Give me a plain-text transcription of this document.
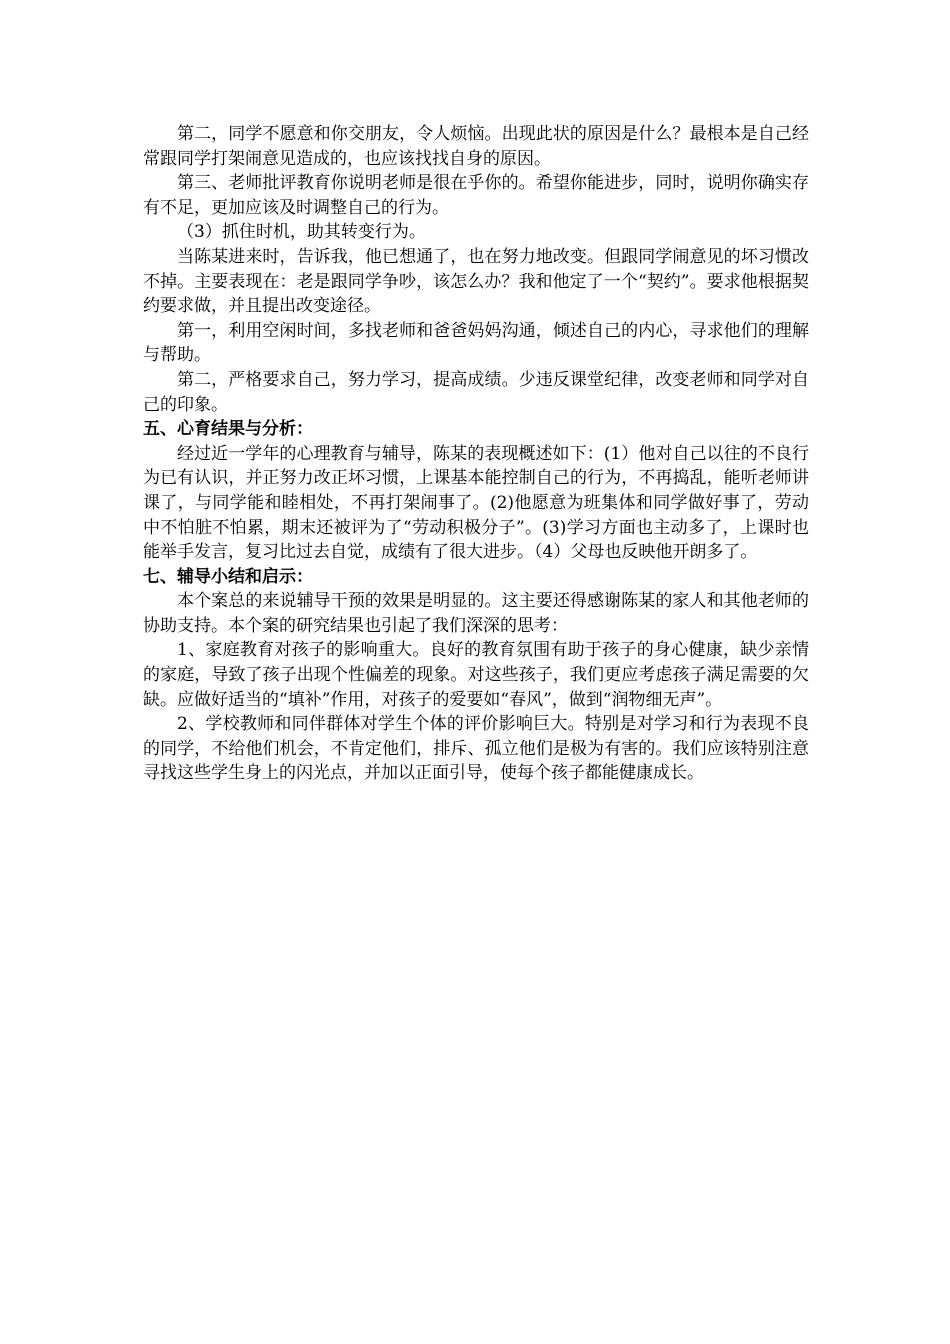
第二，同学不愿意和你交朋友，令人烦恼。出现此状的原因是什么？最根本是自己经常跟同学打架闹意见造成的，也应该找找自身的原因。

第三、老师批评教育你说明老师是很在乎你的。希望你能进步，同时，说明你确实存有不足，更加应该及时调整自己的行为。

（3）抓住时机，助其转变行为。

当陈某进来时，告诉我，他已想通了，也在努力地改变。但跟同学闹意见的坏习惯改不掉。主要表现在：老是跟同学争吵，该怎么办？我和他定了一个“契约”。要求他根据契约要求做，并且提出改变途径。

第一，利用空闲时间，多找老师和爸爸妈妈沟通，倾述自己的内心，寻求他们的理解与帮助。

第二，严格要求自己，努力学习，提高成绩。少违反课堂纪律，改变老师和同学对自己的印象。

五、心育结果与分析：

经过近一学年的心理教育与辅导，陈某的表现概述如下：(1）他对自己以往的不良行为已有认识，并正努力改正坏习惯，上课基本能控制自己的行为，不再捣乱，能听老师讲课了，与同学能和睦相处，不再打架闹事了。(2)他愿意为班集体和同学做好事了，劳动中不怕脏不怕累，期末还被评为了“劳动积极分子”。(3)学习方面也主动多了，上课时也能举手发言，复习比过去自觉，成绩有了很大进步。（4）父母也反映他开朗多了。

七、辅导小结和启示：

本个案总的来说辅导干预的效果是明显的。这主要还得感谢陈某的家人和其他老师的协助支持。本个案的研究结果也引起了我们深深的思考：

1、家庭教育对孩子的影响重大。良好的教育氛围有助于孩子的身心健康，缺少亲情的家庭，导致了孩子出现个性偏差的现象。对这些孩子，我们更应考虑孩子满足需要的欠缺。应做好适当的“填补”作用，对孩子的爱要如“春风”，做到“润物细无声”。

2、学校教师和同伴群体对学生个体的评价影响巨大。特别是对学习和行为表现不良的同学，不给他们机会，不肯定他们，排斥、孤立他们是极为有害的。我们应该特别注意寻找这些学生身上的闪光点，并加以正面引导，使每个孩子都能健康成长。
